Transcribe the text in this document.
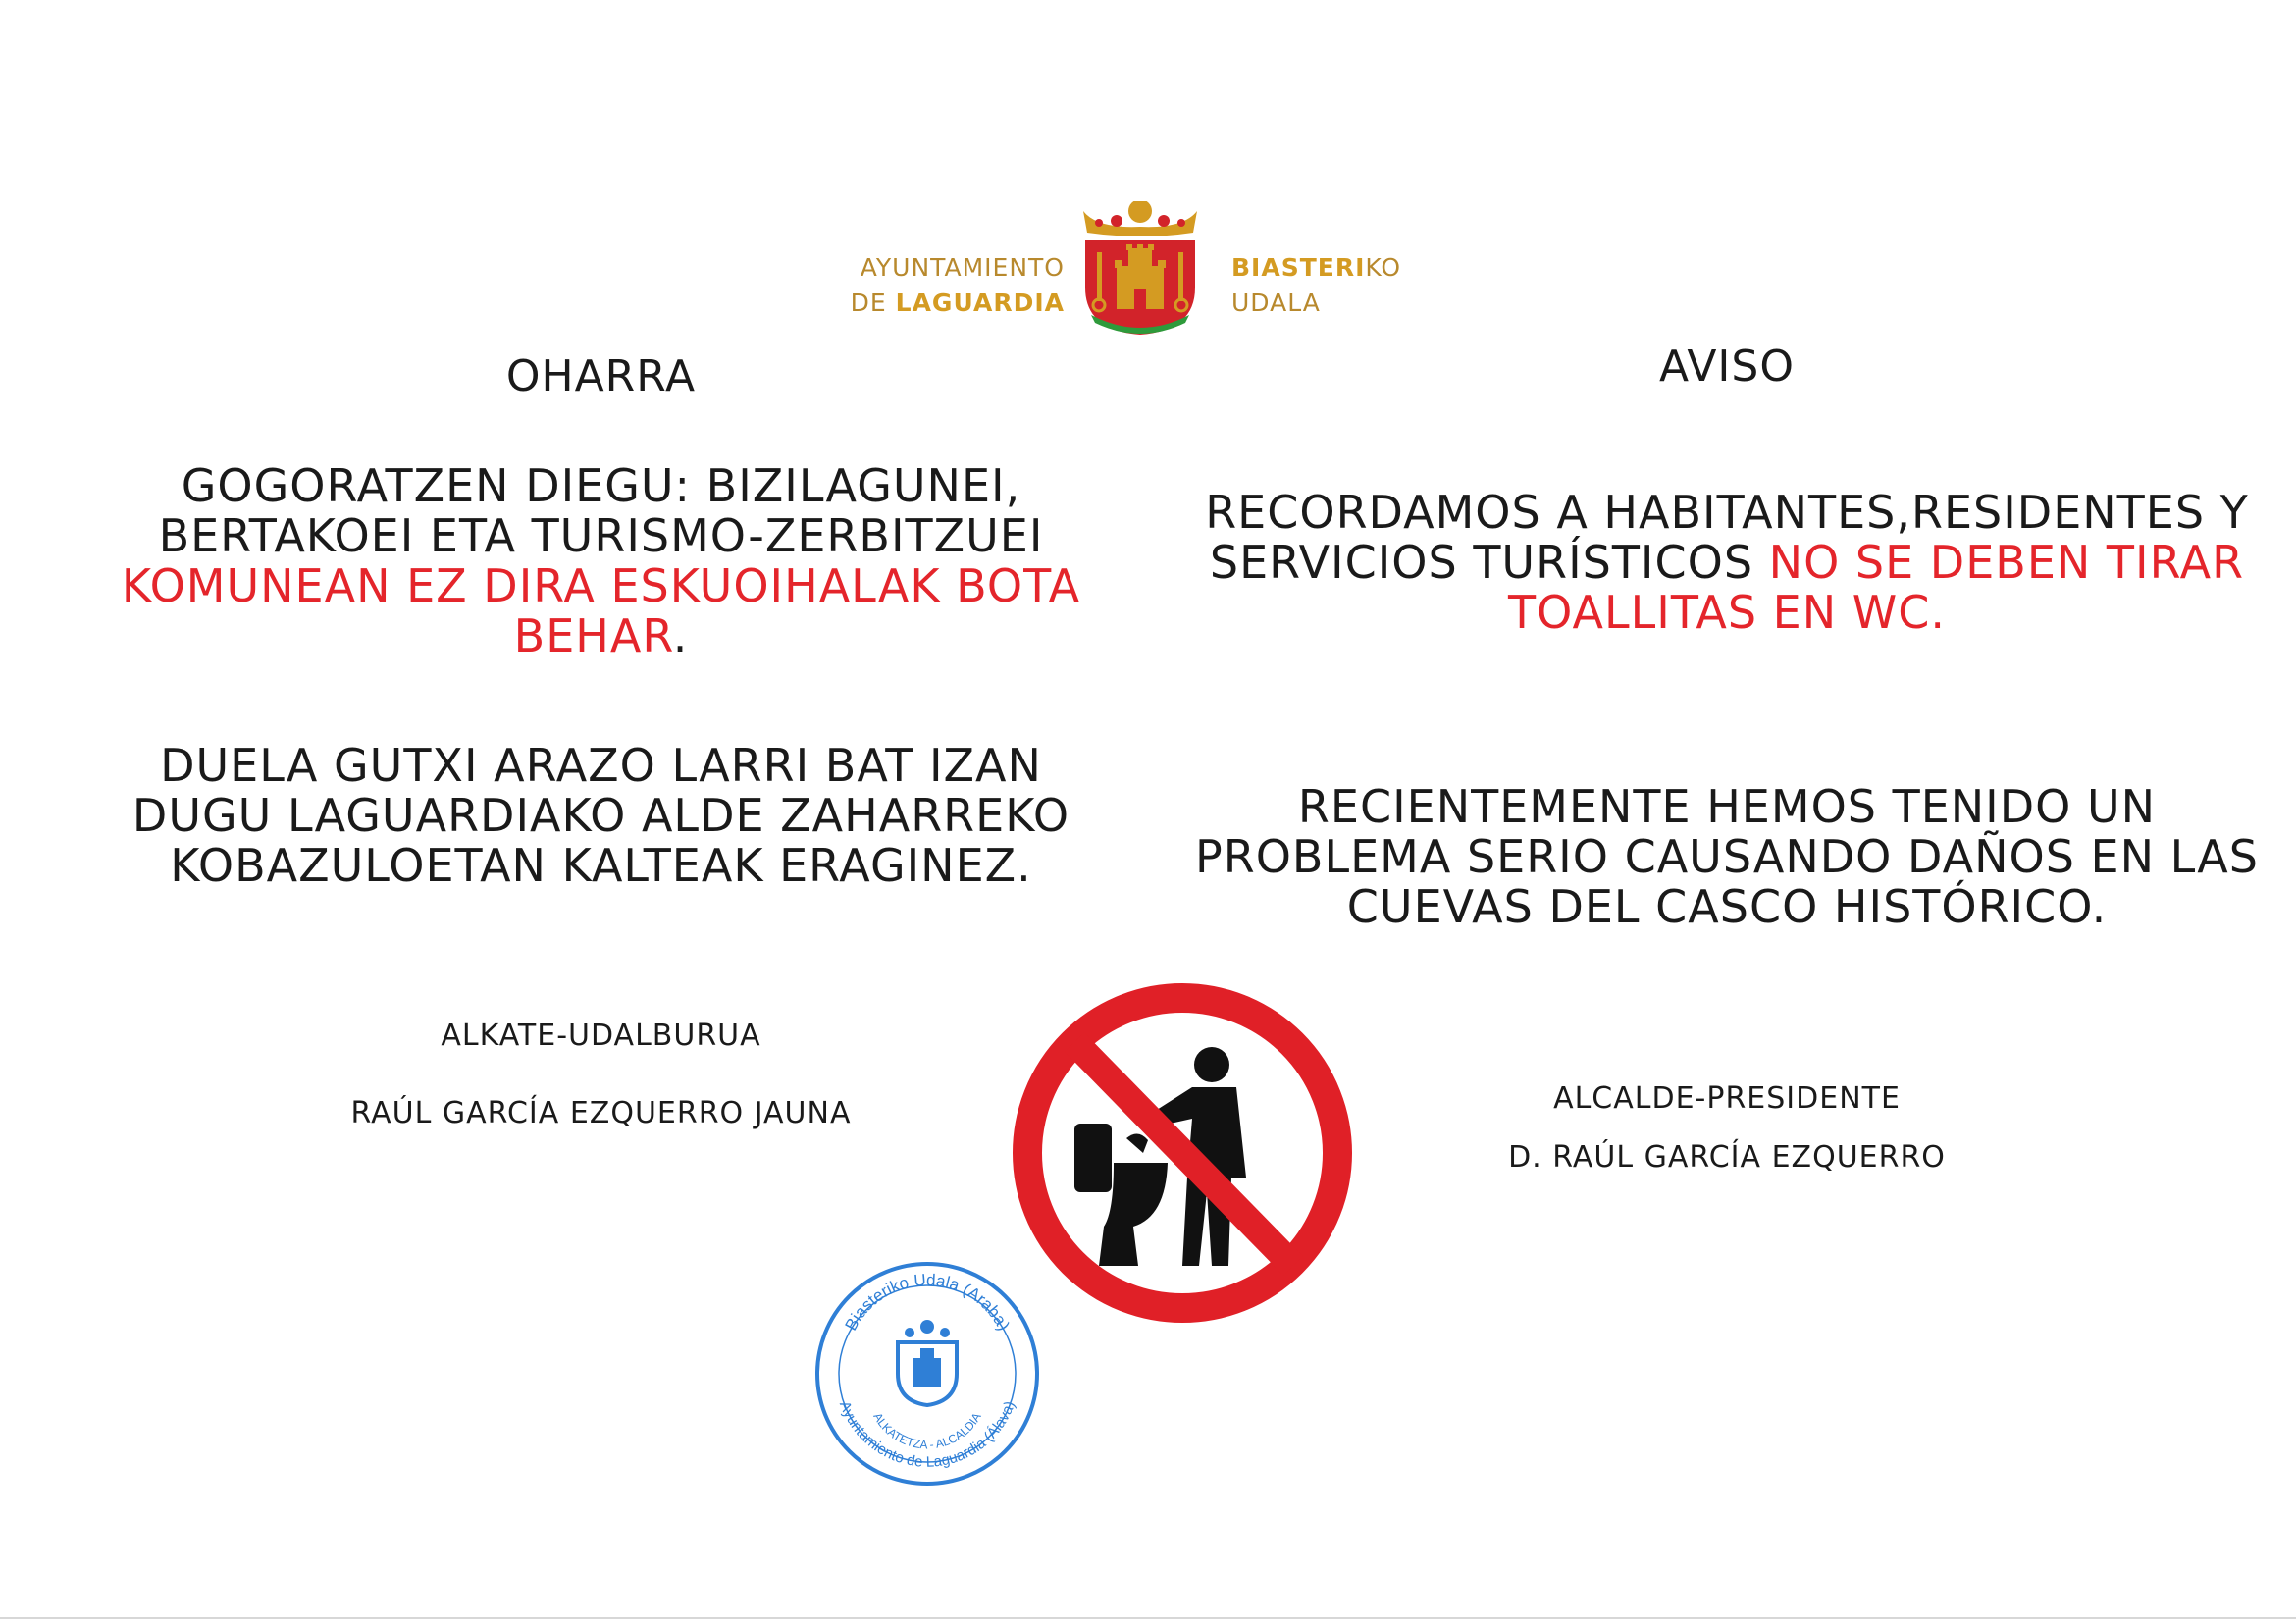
AYUNTAMIENTO
DE LAGUARDIA
BIASTERIKO
UDALA
OHARRA
GOGORATZEN DIEGU: BIZILAGUNEI, BERTAKOEI ETA TURISMO-ZERBITZUEI KOMUNEAN EZ DIRA ESKUOIHALAK BOTA BEHAR.
DUELA GUTXI ARAZO LARRI BAT IZAN DUGU LAGUARDIAKO ALDE ZAHARREKO KOBAZULOETAN KALTEAK ERAGINEZ.
ALKATE-UDALBURUA
RAÚL GARCÍA EZQUERRO JAUNA
AVISO
RECORDAMOS A HABITANTES,RESIDENTES Y SERVICIOS TURÍSTICOS NO SE DEBEN TIRAR TOALLITAS EN WC.
RECIENTEMENTE HEMOS TENIDO UN PROBLEMA SERIO CAUSANDO DAÑOS EN LAS CUEVAS DEL CASCO HISTÓRICO.
ALCALDE-PRESIDENTE
D. RAÚL GARCÍA EZQUERRO
Biasteriko Udala (Araba)
Ayuntamiento de Laguardia (Álava)
ALKATETZA - ALCALDIA
